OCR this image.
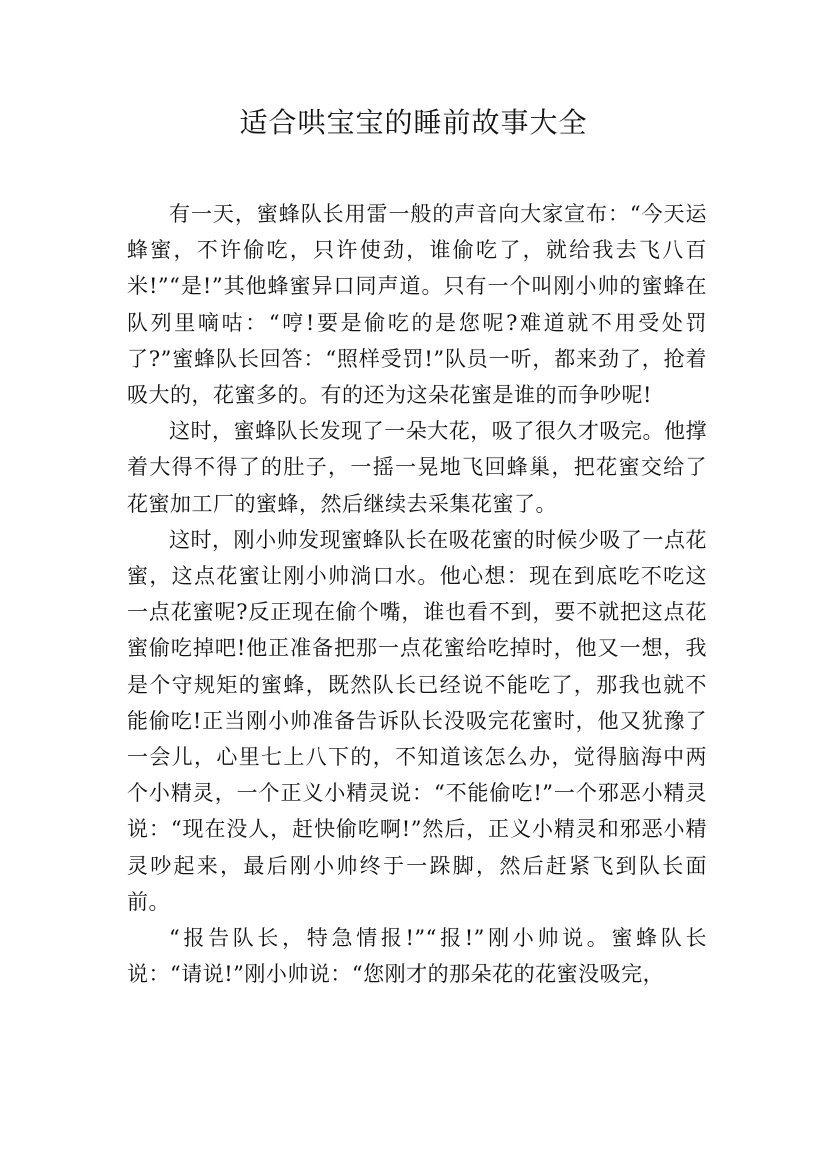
适合哄宝宝的睡前故事大全

有一天，蜜蜂队长用雷一般的声音向大家宣布：“今天运蜂蜜，不许偷吃，只许使劲，谁偷吃了，就给我去飞八百米!”“是!”其他蜂蜜异口同声道。只有一个叫刚小帅的蜜蜂在队列里嘀咕：“哼!要是偷吃的是您呢?难道就不用受处罚了?”蜜蜂队长回答：“照样受罚!”队员一听，都来劲了，抢着吸大的，花蜜多的。有的还为这朵花蜜是谁的而争吵呢!

这时，蜜蜂队长发现了一朵大花，吸了很久才吸完。他撑着大得不得了的肚子，一摇一晃地飞回蜂巢，把花蜜交给了花蜜加工厂的蜜蜂，然后继续去采集花蜜了。

这时，刚小帅发现蜜蜂队长在吸花蜜的时候少吸了一点花蜜，这点花蜜让刚小帅淌口水。他心想：现在到底吃不吃这一点花蜜呢?反正现在偷个嘴，谁也看不到，要不就把这点花蜜偷吃掉吧!他正准备把那一点花蜜给吃掉时，他又一想，我是个守规矩的蜜蜂，既然队长已经说不能吃了，那我也就不能偷吃!正当刚小帅准备告诉队长没吸完花蜜时，他又犹豫了一会儿，心里七上八下的，不知道该怎么办，觉得脑海中两个小精灵，一个正义小精灵说：“不能偷吃!”一个邪恶小精灵说：“现在没人，赶快偷吃啊!”然后，正义小精灵和邪恶小精灵吵起来，最后刚小帅终于一跺脚，然后赶紧飞到队长面前。

“报告队长，特急情报!”“报!”刚小帅说。蜜蜂队长说：“请说!”刚小帅说：“您刚才的那朵花的花蜜没吸完，
